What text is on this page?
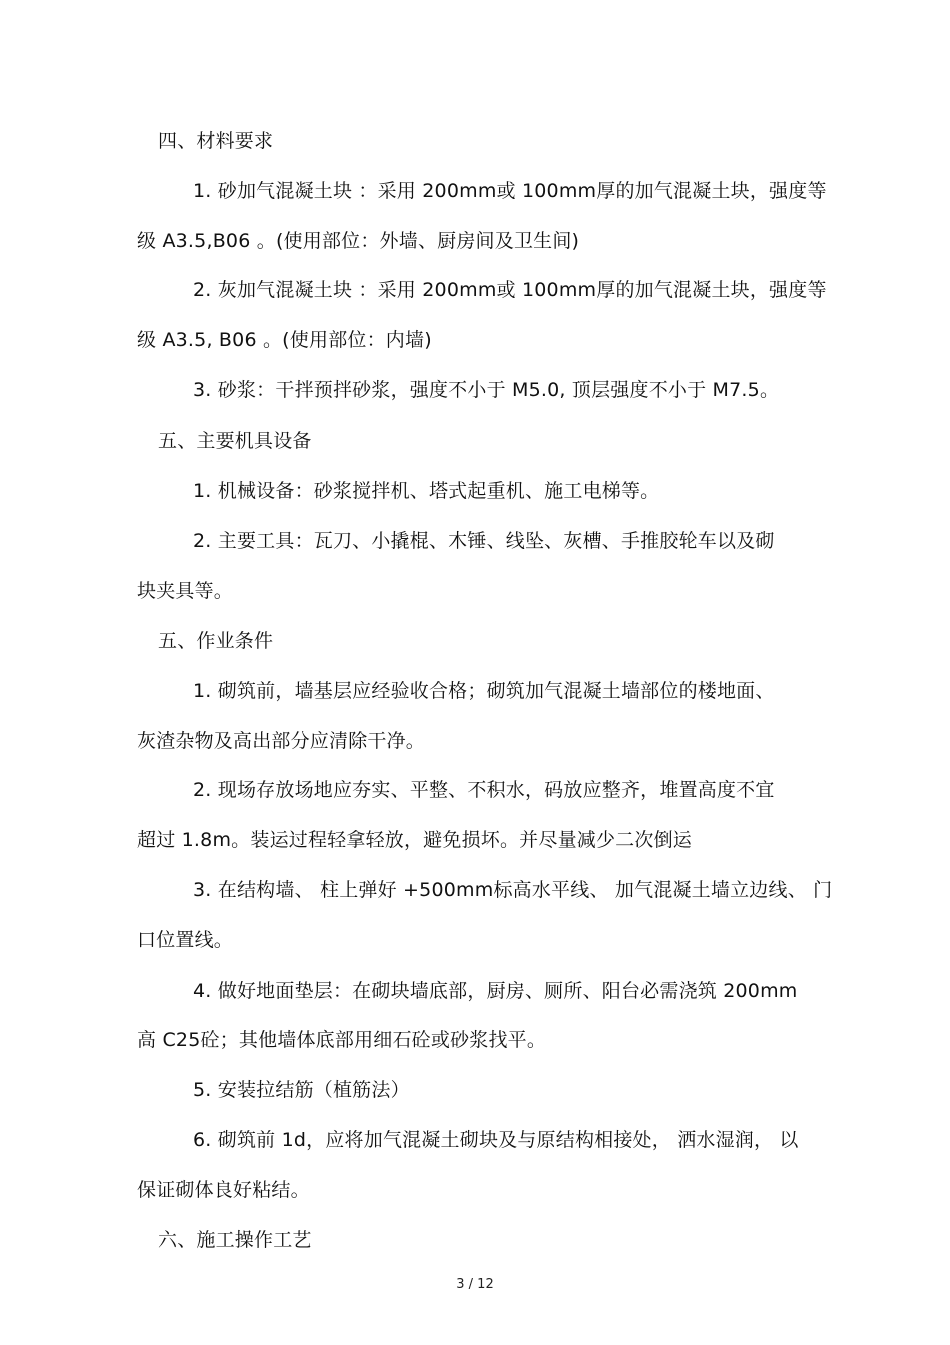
四、材料要求
1. 砂加气混凝土块 ：采用 200mm或 100mm厚的加气混凝土块，强度等
级 A3.5,B06 。(使用部位：外墙、厨房间及卫生间)
2. 灰加气混凝土块 ：采用 200mm或 100mm厚的加气混凝土块，强度等
级 A3.5, B06 。(使用部位：内墙)
3. 砂浆：干拌预拌砂浆，强度不小于 M5.0, 顶层强度不小于 M7.5。
五、主要机具设备
1. 机械设备：砂浆搅拌机、塔式起重机、施工电梯等。
2. 主要工具：瓦刀、小撬棍、木锤、线坠、灰槽、手推胶轮车以及砌
块夹具等。
五、作业条件
1. 砌筑前，墙基层应经验收合格；砌筑加气混凝土墙部位的楼地面、
灰渣杂物及高出部分应清除干净。
2. 现场存放场地应夯实、平整、不积水，码放应整齐，堆置高度不宜
超过 1.8m。装运过程轻拿轻放，避免损坏。并尽量减少二次倒运
3. 在结构墙、 柱上弹好 +500mm标高水平线、 加气混凝土墙立边线、 门
口位置线。
4. 做好地面垫层：在砌块墙底部，厨房、厕所、阳台必需浇筑 200mm
高 C25砼；其他墙体底部用细石砼或砂浆找平。
5. 安装拉结筋（植筋法）
6. 砌筑前 1d，应将加气混凝土砌块及与原结构相接处， 洒水湿润， 以
保证砌体良好粘结。
六、施工操作工艺
3 / 12
